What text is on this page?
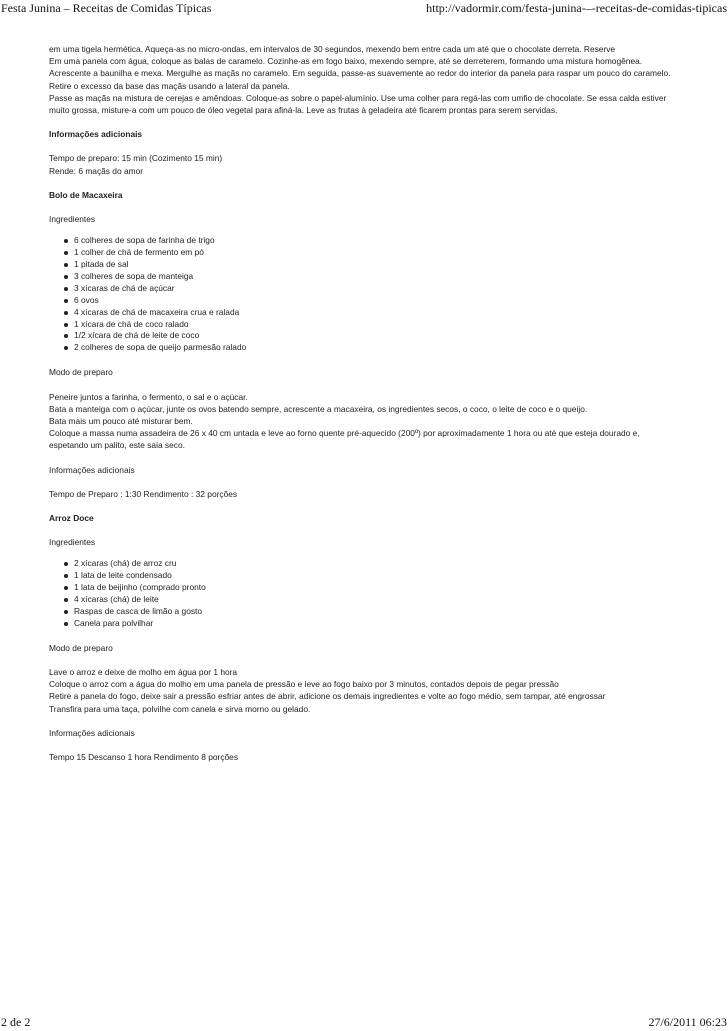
Festa Junina – Receitas de Comidas Típicas	http://vadormir.com/festa-junina-–-receitas-de-comidas-tipicas

em uma tigela hermética. Aqueça-as no micro-ondas, em intervalos de 30 segundos, mexendo bem entre cada um até que o chocolate derreta. Reserve

Em uma panela com água, coloque as balas de caramelo. Cozinhe-as em fogo baixo, mexendo sempre, até se derreterem, formando uma mistura homogênea.

Acrescente a baunilha e mexa. Mergulhe as maçãs no caramelo. Em seguida, passe-as suavemente ao redor do interior da panela para raspar um pouco do caramelo.

Retire o excesso da base das maçãs usando a lateral da panela.

Passe as maçãs na mistura de cerejas e amêndoas. Coloque-as sobre o papel-alumínio. Use uma colher para regá-las com umfio de chocolate. Se essa calda estiver

muito grossa, misture-a com um pouco de óleo vegetal para afiná-la. Leve as frutas à geladeira até ficarem prontas para serem servidas.

Informações adicionais

Tempo de preparo: 15 min (Cozimento 15 min)

Rende: 6 maçãs do amor

Bolo de Macaxeira

Ingredientes

6 colheres de sopa de farinha de trigo
1 colher de chá de fermento em pó
1 pitada de sal
3 colheres de sopa de manteiga
3 xícaras de chá de açúcar
6 ovos
4 xícaras de chá de macaxeira crua e ralada
1 xícara de chá de coco ralado
1/2 xícara de chá de leite de coco
2 colheres de sopa de queijo parmesão ralado

Modo de preparo

Peneire juntos a farinha, o fermento, o sal e o açúcar.

Bata a manteiga com o açúcar, junte os ovos batendo sempre, acrescente a macaxeira, os ingredientes secos, o coco, o leite de coco e o queijo.

Bata mais um pouco até misturar bem.

Coloque a massa numa assadeira de 26 x 40 cm untada e leve ao forno quente pré-aquecido (200º) por aproximadamente 1 hora ou até que esteja dourado e,

espetando um palito, este saia seco.

Informações adicionais

Tempo de Preparo : 1:30 Rendimento : 32 porções

Arroz Doce

Ingredientes

2 xícaras (chá) de arroz cru
1 lata de leite condensado
1 lata de beijinho (comprado pronto
4 xícaras (chá) de leite
Raspas de casca de limão a gosto
Canela para polvilhar

Modo de preparo

Lave o arroz e deixe de molho em água por 1 hora

Coloque o arroz com a água do molho em uma panela de pressão e leve ao fogo baixo por 3 minutos, contados depois de pegar pressão

Retire a panela do fogo, deixe sair a pressão esfriar antes de abrir, adicione os demais ingredientes e volte ao fogo médio, sem tampar, até engrossar

Transfira para uma taça, polvilhe com canela e sirva morno ou gelado.

Informações adicionais

Tempo 15 Descanso 1 hora Rendimento 8 porções

2 de 2	27/6/2011 06:23
